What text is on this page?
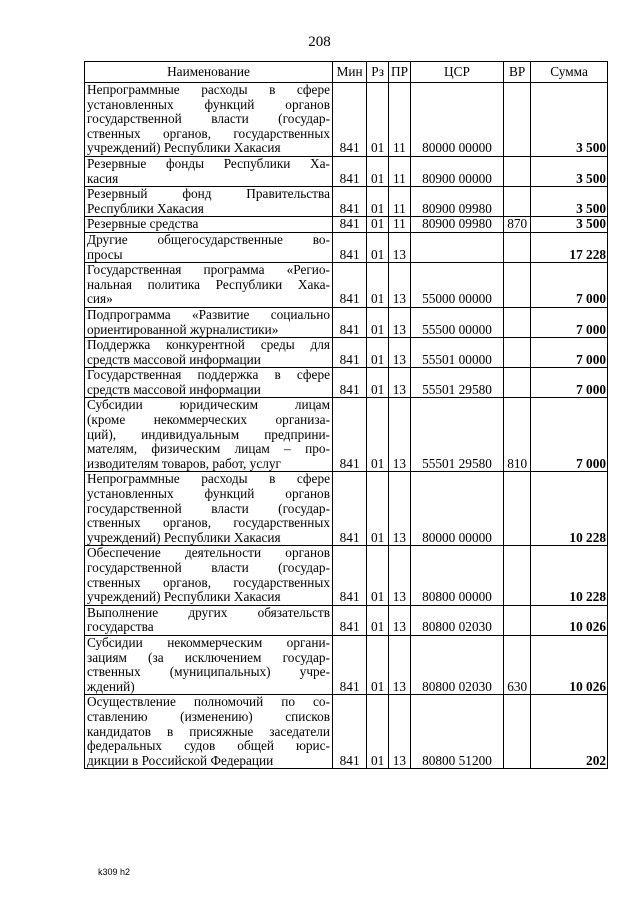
208
Наименование	Мин	Рз	ПР	ЦСР	ВР	Сумма

Непрограммные расходы в сфере
установленных функций органов
государственной власти (государ-
ственных органов, государственных
учреждений) Республики Хакасия	841	01	11	80000 00000		3 500

Резервные фонды Республики Ха-
касия	841	01	11	80900 00000		3 500

Резервный фонд Правительства
Республики Хакасия	841	01	11	80900 09980		3 500

Резервные средства	841	01	11	80900 09980	870	3 500

Другие общегосударственные во-
просы	841	01	13			17 228

Государственная программа «Регио-
нальная политика Республики Хака-
сия»	841	01	13	55000 00000		7 000

Подпрограмма «Развитие социально
ориентированной журналистики»	841	01	13	55500 00000		7 000

Поддержка конкурентной среды для
средств массовой информации	841	01	13	55501 00000		7 000

Государственная поддержка в сфере
средств массовой информации	841	01	13	55501 29580		7 000

Субсидии юридическим лицам
(кроме некоммерческих организа-
ций), индивидуальным предприни-
мателям, физическим лицам – про-
изводителям товаров, работ, услуг	841	01	13	55501 29580	810	7 000

Непрограммные расходы в сфере
установленных функций органов
государственной власти (государ-
ственных органов, государственных
учреждений) Республики Хакасия	841	01	13	80000 00000		10 228

Обеспечение деятельности органов
государственной власти (государ-
ственных органов, государственных
учреждений) Республики Хакасия	841	01	13	80800 00000		10 228

Выполнение других обязательств
государства	841	01	13	80800 02030		10 026

Субсидии некоммерческим органи-
зациям (за исключением государ-
ственных (муниципальных) учре-
ждений)	841	01	13	80800 02030	630	10 026

Осуществление полномочий по со-
ставлению (изменению) списков
кандидатов в присяжные заседатели
федеральных судов общей юрис-
дикции в Российской Федерации	841	01	13	80800 51200		202
k309 h2
